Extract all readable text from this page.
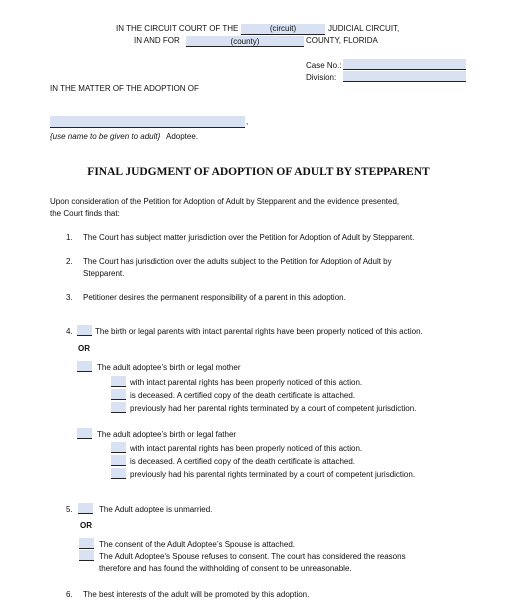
IN THE CIRCUIT COURT OF THE	(circuit)	JUDICIAL CIRCUIT,
IN AND FOR	(county)	COUNTY, FLORIDA
Case No.:
Division:
IN THE MATTER OF THE ADOPTION OF
,
{use name to be given to adult} Adoptee.
FINAL JUDGMENT OF ADOPTION OF ADULT BY STEPPARENT
Upon consideration of the Petition for Adoption of Adult by Stepparent and the evidence presented,
the Court finds that:
1. The Court has subject matter jurisdiction over the Petition for Adoption of Adult by Stepparent.
2. The Court has jurisdiction over the adults subject to the Petition for Adoption of Adult by
Stepparent.
3. Petitioner desires the permanent responsibility of a parent in this adoption.
4.	The birth or legal parents with intact parental rights have been properly noticed of this action.
OR
The adult adoptee’s birth or legal mother
with intact parental rights has been properly noticed of this action.
is deceased. A certified copy of the death certificate is attached.
previously had her parental rights terminated by a court of competent jurisdiction.
The adult adoptee’s birth or legal father
with intact parental rights has been properly noticed of this action.
is deceased. A certified copy of the death certificate is attached.
previously had his parental rights terminated by a court of competent jurisdiction.
5.	The Adult adoptee is unmarried.
OR
The consent of the Adult Adoptee’s Spouse is attached.
The Adult Adoptee’s Spouse refuses to consent. The court has considered the reasons
therefore and has found the withholding of consent to be unreasonable.
6. The best interests of the adult will be promoted by this adoption.
